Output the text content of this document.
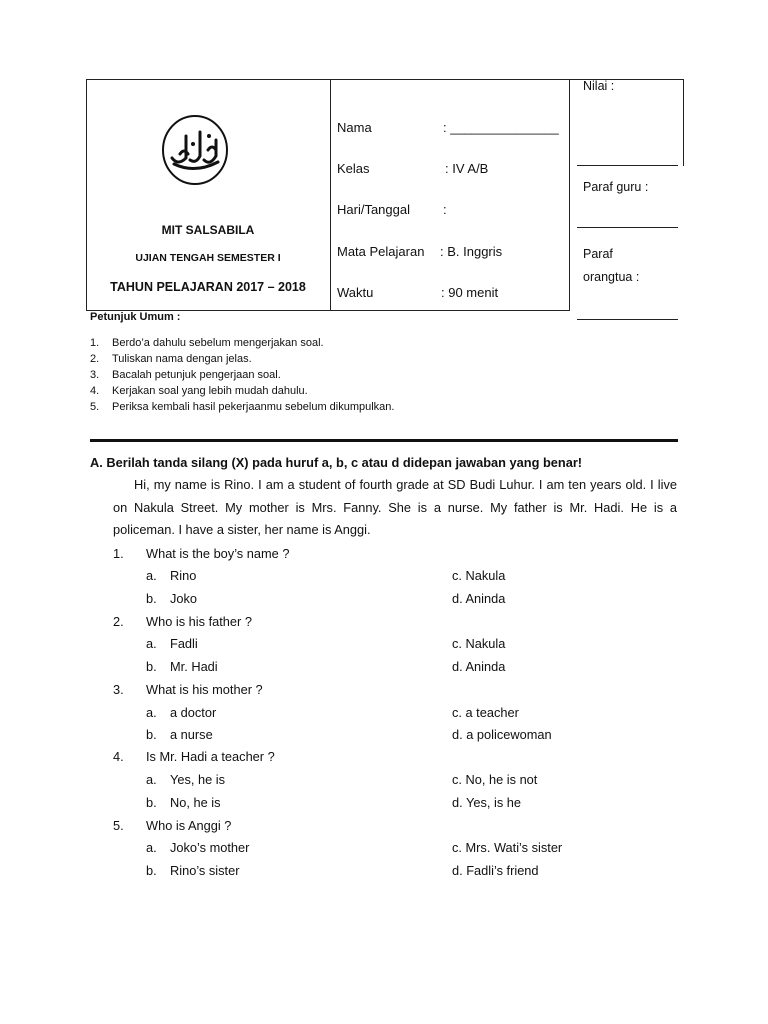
MIT SALSABILA
UJIAN TENGAH SEMESTER I
TAHUN PELAJARAN 2017 – 2018
Nama	: _______________
Kelas	: IV A/B
Hari/Tanggal	:
Mata Pelajaran : B. Inggris
Waktu	: 90 menit
Nilai :
Paraf guru :
Paraf
orangtua :
Petunjuk Umum :
1. Berdo’a dahulu sebelum mengerjakan soal.
2. Tuliskan nama dengan jelas.
3. Bacalah petunjuk pengerjaan soal.
4. Kerjakan soal yang lebih mudah dahulu.
5. Periksa kembali hasil pekerjaanmu sebelum dikumpulkan.
A. Berilah tanda silang (X) pada huruf a, b, c atau d didepan jawaban yang benar!
Hi, my name is Rino. I am a student of fourth grade at SD Budi Luhur. I am ten years old. I live on Nakula Street. My mother is Mrs. Fanny. She is a nurse. My father is Mr. Hadi. He is a policeman. I have a sister, her name is Anggi.
1. What is the boy’s name ?
a. Rino	c. Nakula
b. Joko	d. Aninda
2. Who is his father ?
a. Fadli	c. Nakula
b. Mr. Hadi	d. Aninda
3. What is his mother ?
a. a doctor	c. a teacher
b. a nurse	d. a policewoman
4. Is Mr. Hadi a teacher ?
a. Yes, he is	c. No, he is not
b. No, he is	d. Yes, is he
5. Who is Anggi ?
a. Joko’s mother	c. Mrs. Wati’s sister
b. Rino’s sister	d. Fadli’s friend
